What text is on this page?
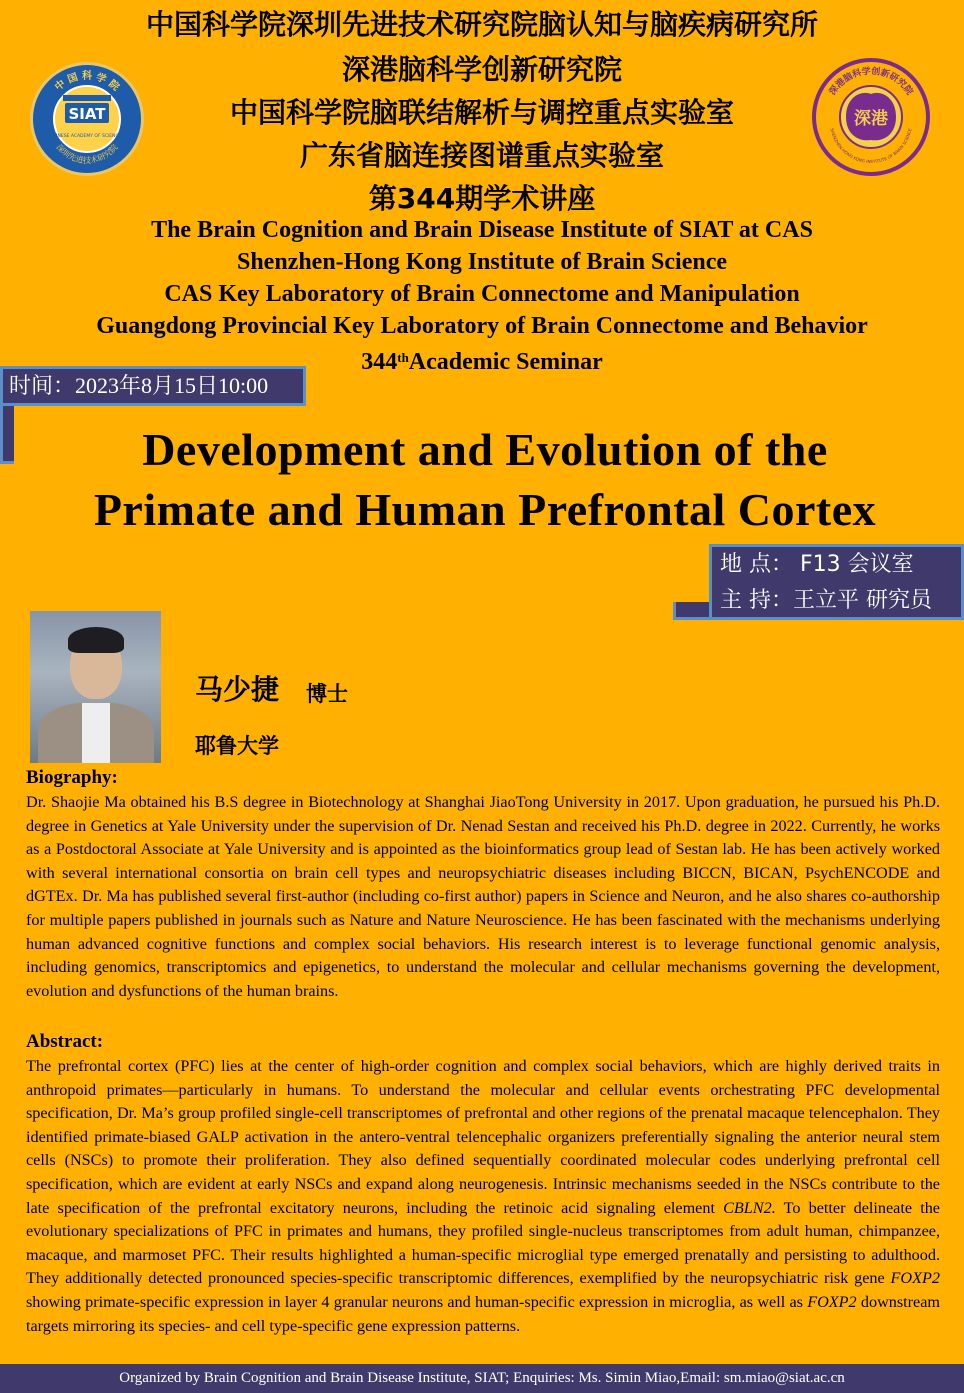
中国科学院深圳先进技术研究院脑认知与脑疾病研究所
深港脑科学创新研究院
中国科学院脑联结解析与调控重点实验室
广东省脑连接图谱重点实验室
第344期学术讲座
中 国 科 学 院
深圳先进技术研究院
SIAT
CHINESE ACADEMY OF SCIENCES
深港脑科学创新研究院
SHENZHEN-HONG KONG INSTITUTE OF BRAIN SCIENCE
深港
The Brain Cognition and Brain Disease Institute of SIAT at CAS
Shenzhen-Hong Kong Institute of Brain Science
CAS Key Laboratory of Brain Connectome and Manipulation
Guangdong Provincial Key Laboratory of Brain Connectome and Behavior
344thAcademic Seminar
时间：2023年8月15日10:00
Development and Evolution of the
Primate and Human Prefrontal Cortex
地 点： F13 会议室
主 持：王立平 研究员
马少捷 博士
耶鲁大学
Biography:
Dr. Shaojie Ma obtained his B.S degree in Biotechnology at Shanghai JiaoTong University in 2017. Upon graduation, he pursued his Ph.D. degree in Genetics at Yale University under the supervision of Dr. Nenad Sestan and received his Ph.D. degree in 2022. Currently, he works as a Postdoctoral Associate at Yale University and is appointed as the bioinformatics group lead of Sestan lab. He has been actively worked with several international consortia on brain cell types and neuropsychiatric diseases including BICCN, BICAN, PsychENCODE and dGTEx. Dr. Ma has published several first-author (including co-first author) papers in Science and Neuron, and he also shares co-authorship for multiple papers published in journals such as Nature and Nature Neuroscience. He has been fascinated with the mechanisms underlying human advanced cognitive functions and complex social behaviors. His research interest is to leverage functional genomic analysis, including genomics, transcriptomics and epigenetics, to understand the molecular and cellular mechanisms governing the development, evolution and dysfunctions of the human brains.
Abstract:
The prefrontal cortex (PFC) lies at the center of high-order cognition and complex social behaviors, which are highly derived traits in anthropoid primates—particularly in humans. To understand the molecular and cellular events orchestrating PFC developmental specification, Dr. Ma’s group profiled single-cell transcriptomes of prefrontal and other regions of the prenatal macaque telencephalon. They identified primate-biased GALP activation in the antero-ventral telencephalic organizers preferentially signaling the anterior neural stem cells (NSCs) to promote their proliferation. They also defined sequentially coordinated molecular codes underlying prefrontal cell specification, which are evident at early NSCs and expand along neurogenesis. Intrinsic mechanisms seeded in the NSCs contribute to the late specification of the prefrontal excitatory neurons, including the retinoic acid signaling element CBLN2. To better delineate the evolutionary specializations of PFC in primates and humans, they profiled single-nucleus transcriptomes from adult human, chimpanzee, macaque, and marmoset PFC. Their results highlighted a human-specific microglial type emerged prenatally and persisting to adulthood. They additionally detected pronounced species-specific transcriptomic differences, exemplified by the neuropsychiatric risk gene FOXP2 showing primate-specific expression in layer 4 granular neurons and human-specific expression in microglia, as well as FOXP2 downstream targets mirroring its species- and cell type-specific gene expression patterns.
Organized by Brain Cognition and Brain Disease Institute, SIAT; Enquiries: Ms. Simin Miao,Email: sm.miao@siat.ac.cn
